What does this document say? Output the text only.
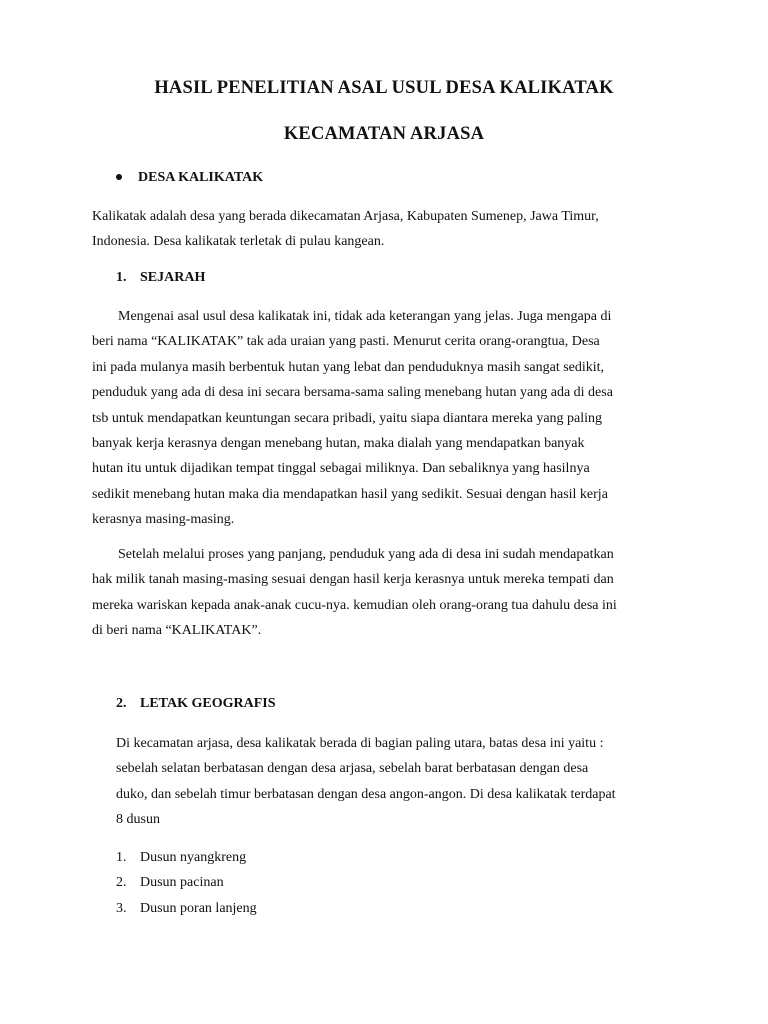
HASIL PENELITIAN ASAL USUL DESA KALIKATAK
KECAMATAN ARJASA
DESA KALIKATAK

Kalikatak adalah desa yang berada dikecamatan Arjasa, Kabupaten Sumenep, Jawa Timur,
Indonesia. Desa kalikatak terletak di pulau kangean.

1. SEJARAH

Mengenai asal usul desa kalikatak ini, tidak ada keterangan yang jelas. Juga mengapa di
beri nama “KALIKATAK” tak ada uraian yang pasti. Menurut cerita orang-orangtua, Desa
ini pada mulanya masih berbentuk hutan yang lebat dan penduduknya masih sangat sedikit,
penduduk yang ada di desa ini secara bersama-sama saling menebang hutan yang ada di desa
tsb untuk mendapatkan keuntungan secara pribadi, yaitu siapa diantara mereka yang paling
banyak kerja kerasnya dengan menebang hutan, maka dialah yang mendapatkan banyak
hutan itu untuk dijadikan tempat tinggal sebagai miliknya. Dan sebaliknya yang hasilnya
sedikit menebang hutan maka dia mendapatkan hasil yang sedikit. Sesuai dengan hasil kerja
kerasnya masing-masing.

Setelah melalui proses yang panjang, penduduk yang ada di desa ini sudah mendapatkan
hak milik tanah masing-masing sesuai dengan hasil kerja kerasnya untuk mereka tempati dan
mereka wariskan kepada anak-anak cucu-nya. kemudian oleh orang-orang tua dahulu desa ini
di beri nama “KALIKATAK”.

2. LETAK GEOGRAFIS

Di kecamatan arjasa, desa kalikatak berada di bagian paling utara, batas desa ini yaitu :
sebelah selatan berbatasan dengan desa arjasa, sebelah barat berbatasan dengan desa
duko, dan sebelah timur berbatasan dengan desa angon-angon. Di desa kalikatak terdapat
8 dusun

1. Dusun nyangkreng
2. Dusun pacinan
3. Dusun poran lanjeng
